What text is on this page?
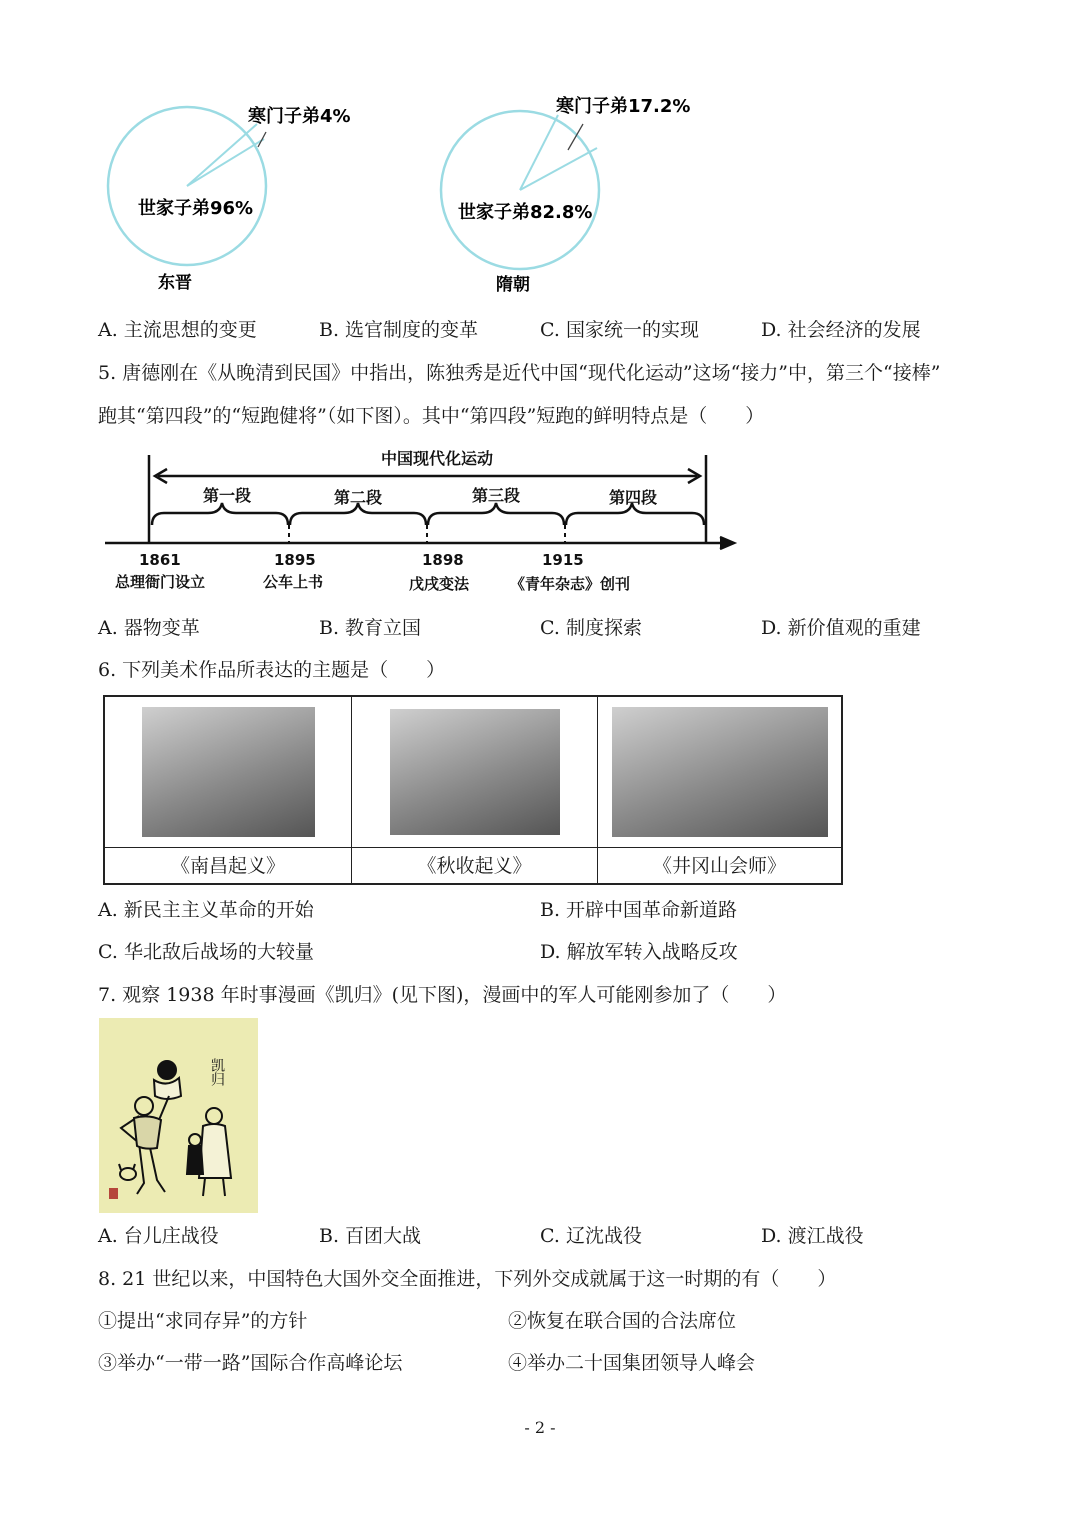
寒门子弟4%
世家子弟96%
东晋
寒门子弟17.2%
世家子弟82.8%
隋朝
A. 主流思想的变更	B. 选官制度的变革	C. 国家统一的实现	D. 社会经济的发展
5. 唐德刚在《从晚清到民国》中指出，陈独秀是近代中国“现代化运动”这场“接力”中，第三个“接棒”
跑其“第四段”的“短跑健将”（如下图）。其中“第四段”短跑的鲜明特点是（　　）
中国现代化运动
第一段	第二段	第三段	第四段
1861	1895	1898	1915
总理衙门设立	公车上书	戊戌变法	《青年杂志》创刊
A. 器物变革	B. 教育立国	C. 制度探索	D. 新价值观的重建
6. 下列美术作品所表达的主题是（　　）
《南昌起义》	《秋收起义》	《井冈山会师》
A. 新民主主义革命的开始	B. 开辟中国革命新道路
C. 华北敌后战场的大较量	D. 解放军转入战略反攻
7. 观察 1938 年时事漫画《凯归》(见下图)，漫画中的军人可能刚参加了（　　）
凯归
A. 台儿庄战役	B. 百团大战	C. 辽沈战役	D. 渡江战役
8. 21 世纪以来，中国特色大国外交全面推进，下列外交成就属于这一时期的有（　　）
①提出“求同存异”的方针	②恢复在联合国的合法席位
③举办“一带一路”国际合作高峰论坛	④举办二十国集团领导人峰会
- 2 -
